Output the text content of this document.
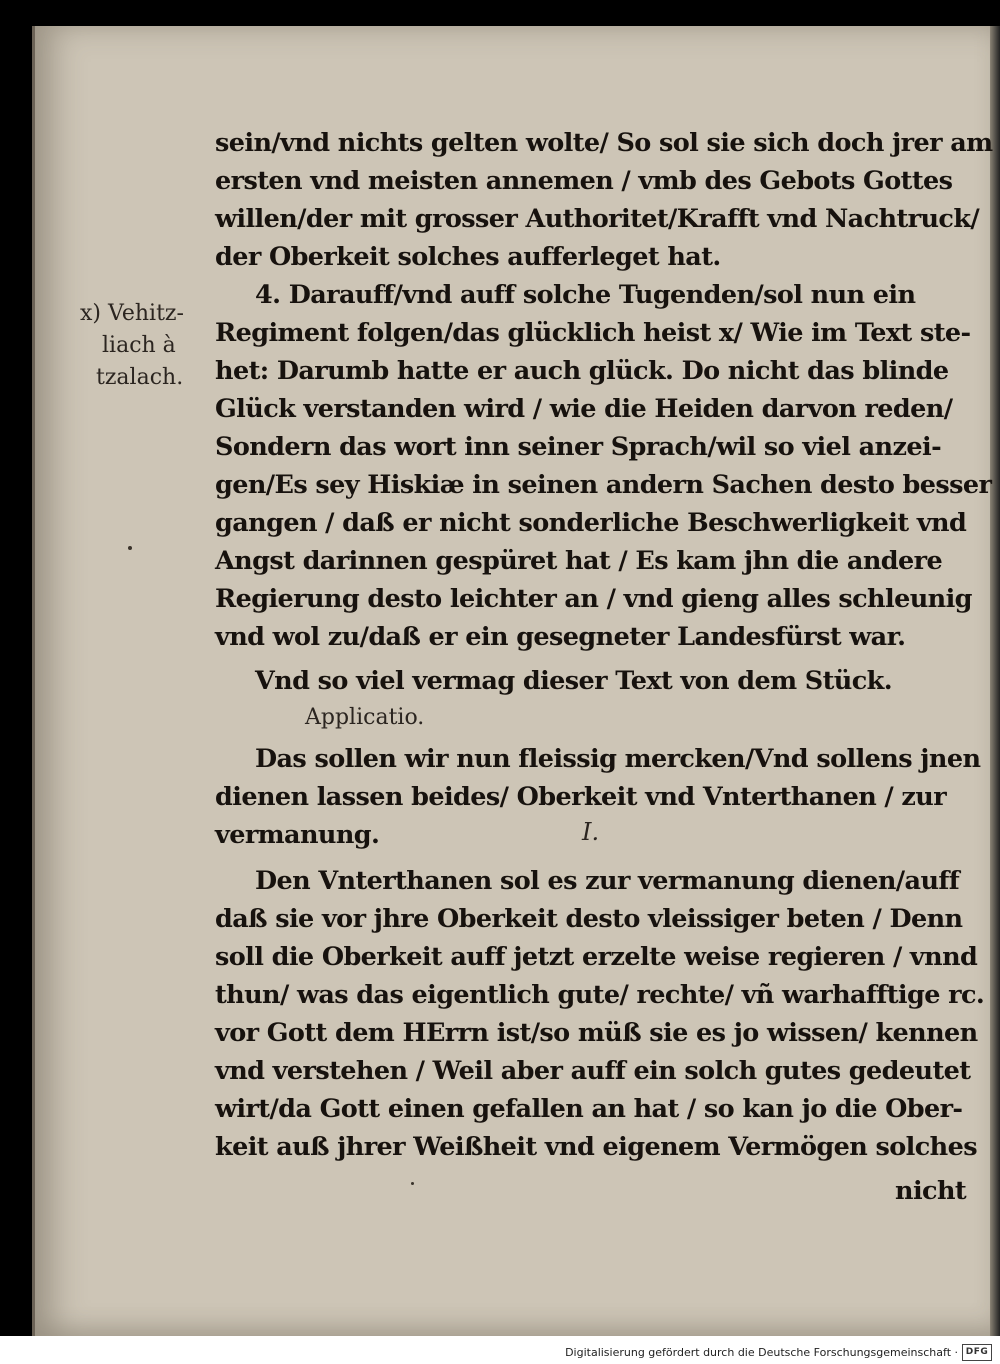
x) Vehitz-
liach à
tzalach.
sein/vnd nichts gelten wolte/ So sol sie sich doch jrer am
ersten vnd meisten annemen / vmb des Gebots Gottes
willen/der mit grosser Authoritet/Krafft vnd Nachtruck/
der Oberkeit solches aufferleget hat.
4. Darauff/vnd auff solche Tugenden/sol nun ein
Regiment folgen/das glücklich heist x/ Wie im Text ste-
het: Darumb hatte er auch glück. Do nicht das blinde
Glück verstanden wird / wie die Heiden darvon reden/
Sondern das wort inn seiner Sprach/wil so viel anzei-
gen/Es sey Hiskiæ in seinen andern Sachen desto besser
gangen / daß er nicht sonderliche Beschwerligkeit vnd
Angst darinnen gespüret hat / Es kam jhn die andere
Regierung desto leichter an / vnd gieng alles schleunig
vnd wol zu/daß er ein gesegneter Landesfürst war.
Vnd so viel vermag dieser Text von dem Stück.
Das sollen wir nun fleissig mercken/Vnd sollens jnen
dienen lassen beides/ Oberkeit vnd Vnterthanen / zur
vermanung.
Den Vnterthanen sol es zur vermanung dienen/auff
daß sie vor jhre Oberkeit desto vleissiger beten / Denn
soll die Oberkeit auff jetzt erzelte weise regieren / vnnd
thun/ was das eigentlich gute/ rechte/ vñ warhafftige rc.
vor Gott dem HErrn ist/so müß sie es jo wissen/ kennen
vnd verstehen / Weil aber auff ein solch gutes gedeutet
wirt/da Gott einen gefallen an hat / so kan jo die Ober-
keit auß jhrer Weißheit vnd eigenem Vermögen solches
nicht
Applicatio.
I.
Digitalisierung gefördert durch die Deutsche Forschungsgemeinschaft · DFG
